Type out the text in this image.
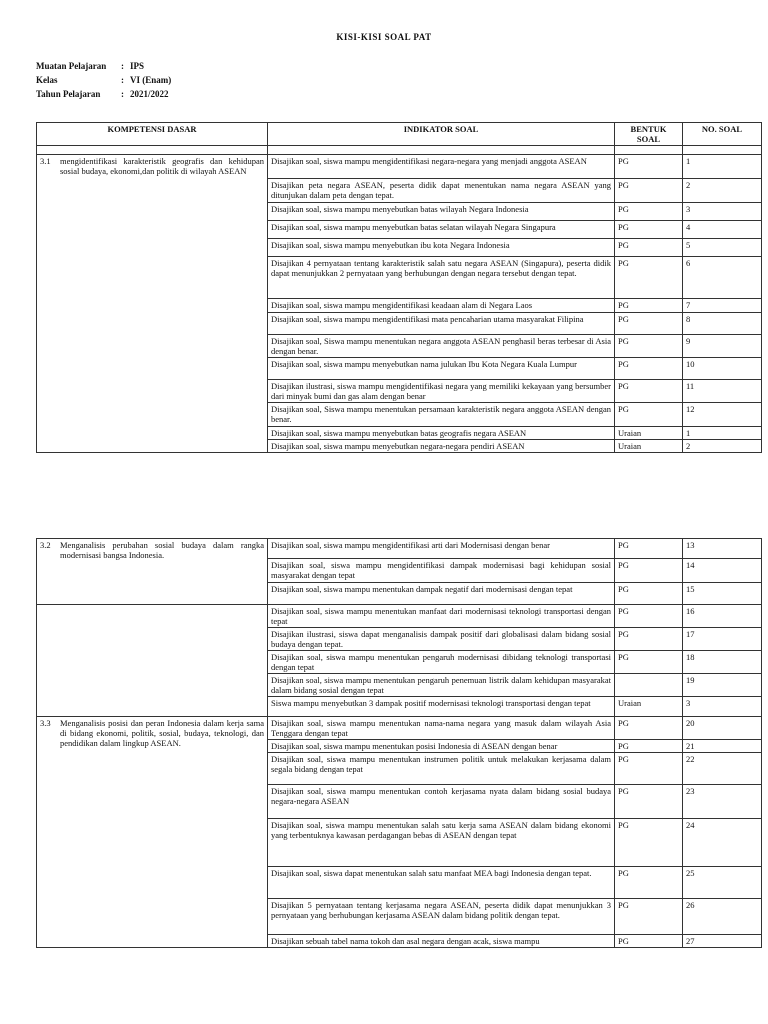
KISI-KISI SOAL PAT
Muatan Pelajaran	: IPS
Kelas	: VI (Enam)
Tahun Pelajaran	: 2021/2022
KOMPETENSI DASAR	INDIKATOR SOAL	BENTUK SOAL	NO. SOAL

3.1 mengidentifikasi karakteristik geografis dan kehidupan sosial budaya, ekonomi,dan politik di wilayah ASEAN	Disajikan soal, siswa mampu mengidentifikasi negara-negara yang menjadi anggota ASEAN	PG	1
	Disajikan peta negara ASEAN, peserta didik dapat menentukan nama negara ASEAN yang ditunjukan dalam peta dengan tepat.	PG	2
	Disajikan soal, siswa mampu menyebutkan batas wilayah Negara Indonesia	PG	3
	Disajikan soal, siswa mampu menyebutkan batas selatan wilayah Negara Singapura	PG	4
	Disajikan soal, siswa mampu menyebutkan ibu kota Negara Indonesia	PG	5
	Disajikan 4 pernyataan tentang karakteristik salah satu negara ASEAN (Singapura), peserta didik dapat menunjukkan 2 pernyataan yang berhubungan dengan negara tersebut dengan tepat.	PG	6
	Disajikan soal, siswa mampu mengidentifikasi keadaan alam di Negara Laos	PG	7
	Disajikan soal, siswa mampu mengidentifikasi mata pencaharian utama masyarakat Filipina	PG	8
	Disajikan soal, Siswa mampu menentukan negara anggota ASEAN penghasil beras terbesar di Asia dengan benar.	PG	9
	Disajikan soal, siswa mampu menyebutkan nama julukan Ibu Kota Negara Kuala Lumpur	PG	10
	Disajikan ilustrasi, siswa mampu mengidentifikasi negara yang memiliki kekayaan yang bersumber dari minyak bumi dan gas alam dengan benar	PG	11
	Disajikan soal, Siswa mampu menentukan persamaan karakteristik negara anggota ASEAN dengan benar.	PG	12
	Disajikan soal, siswa mampu menyebutkan batas geografis negara ASEAN	Uraian	1
	Disajikan soal, siswa mampu menyebutkan negara-negara pendiri ASEAN	Uraian	2
3.2 Menganalisis perubahan sosial budaya dalam rangka modernisasi bangsa Indonesia.	Disajikan soal, siswa mampu mengidentifikasi arti dari Modernisasi dengan benar	PG	13
	Disajikan soal, siswa mampu mengidentifikasi dampak modernisasi bagi kehidupan sosial masyarakat dengan tepat	PG	14
	Disajikan soal, siswa mampu menentukan dampak negatif dari modernisasi dengan tepat	PG	15
	Disajikan soal, siswa mampu menentukan manfaat dari modernisasi teknologi transportasi dengan tepat	PG	16
	Disajikan ilustrasi, siswa dapat menganalisis dampak positif dari globalisasi dalam bidang sosial budaya dengan tepat.	PG	17
	Disajikan soal, siswa mampu menentukan pengaruh modernisasi dibidang teknologi transportasi dengan tepat	PG	18
	Disajikan soal, siswa mampu menentukan pengaruh penemuan listrik dalam kehidupan masyarakat dalam bidang sosial dengan tepat		19
	Siswa mampu menyebutkan 3 dampak positif modernisasi teknologi transportasi dengan tepat	Uraian	3

3.3 Menganalisis posisi dan peran Indonesia dalam kerja sama di bidang ekonomi, politik, sosial, budaya, teknologi, dan pendidikan dalam lingkup ASEAN.	Disajikan soal, siswa mampu menentukan nama-nama negara yang masuk dalam wilayah Asia Tenggara dengan tepat	PG	20
	Disajikan soal, siswa mampu menentukan posisi Indonesia di ASEAN dengan benar	PG	21
	Disajikan soal, siswa mampu menentukan instrumen politik untuk melakukan kerjasama dalam segala bidang dengan tepat	PG	22
	Disajikan soal, siswa mampu menentukan contoh kerjasama nyata dalam bidang sosial budaya negara-negara ASEAN	PG	23
	Disajikan soal, siswa mampu menentukan salah satu kerja sama ASEAN dalam bidang ekonomi yang terbentuknya kawasan perdagangan bebas di ASEAN dengan tepat	PG	24
	Disajikan soal, siswa dapat menentukan salah satu manfaat MEA bagi Indonesia dengan tepat.	PG	25
	Disajikan 5 pernyataan tentang kerjasama negara ASEAN, peserta didik dapat menunjukkan 3 pernyataan yang berhubungan kerjasama ASEAN dalam bidang politik dengan tepat.	PG	26
	Disajikan sebuah tabel nama tokoh dan asal negara dengan acak, siswa mampu	PG	27
